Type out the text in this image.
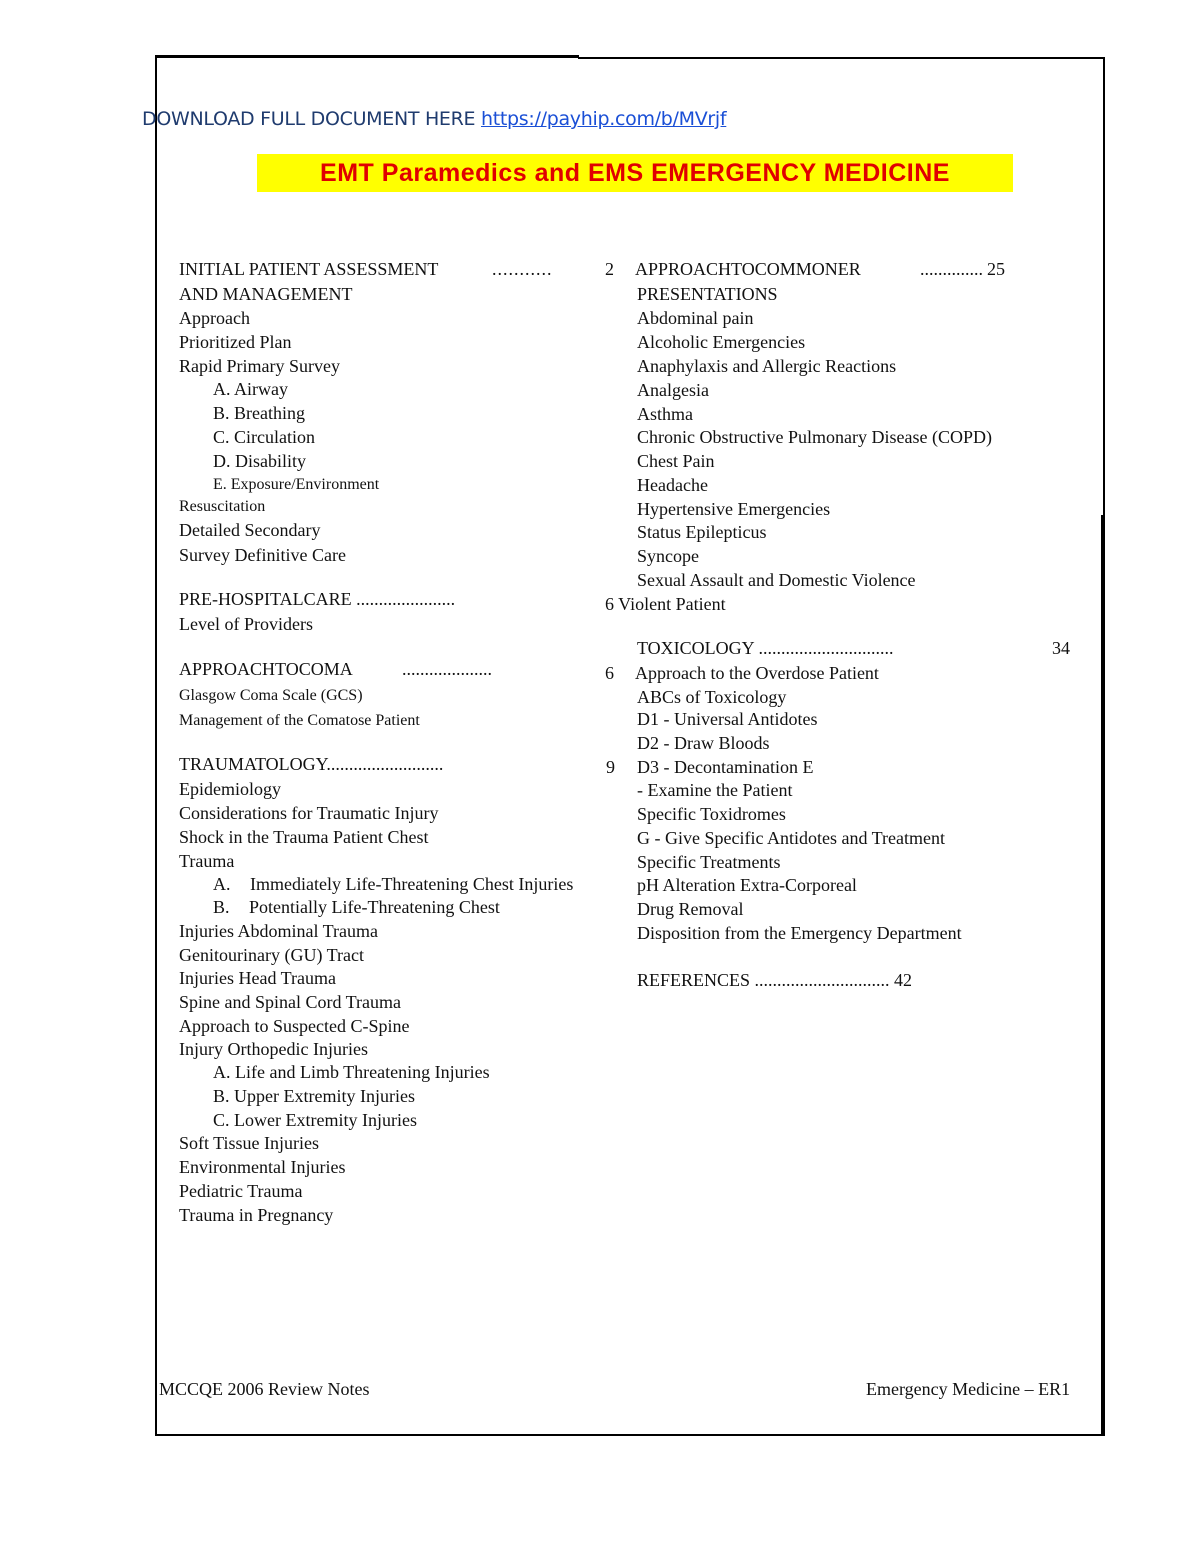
DOWNLOAD FULL DOCUMENT HERE https://payhip.com/b/MVrjf
EMT Paramedics and EMS EMERGENCY MEDICINE
INITIAL PATIENT ASSESSMENT	...........	2
AND MANAGEMENT
Approach
Prioritized Plan
Rapid Primary Survey
A. Airway
B. Breathing
C. Circulation
D. Disability
E. Exposure/Environment
Resuscitation
Detailed Secondary
Survey Definitive Care
PRE-HOSPITALCARE ......................
Level of Providers
APPROACHTOCOMA	....................
Glasgow Coma Scale (GCS)
Management of the Comatose Patient
TRAUMATOLOGY..........................	9
Epidemiology
Considerations for Traumatic Injury
Shock in the Trauma Patient Chest
Trauma
A. Immediately Life-Threatening Chest Injuries
B. Potentially Life-Threatening Chest
Injuries Abdominal Trauma
Genitourinary (GU) Tract
Injuries Head Trauma
Spine and Spinal Cord Trauma
Approach to Suspected C-Spine
Injury Orthopedic Injuries
A. Life and Limb Threatening Injuries
B. Upper Extremity Injuries
C. Lower Extremity Injuries
Soft Tissue Injuries
Environmental Injuries
Pediatric Trauma
Trauma in Pregnancy
APPROACHTOCOMMONER	.............. 25
PRESENTATIONS
Abdominal pain
Alcoholic Emergencies
Anaphylaxis and Allergic Reactions
Analgesia
Asthma
Chronic Obstructive Pulmonary Disease (COPD)
Chest Pain
Headache
Hypertensive Emergencies
Status Epilepticus
Syncope
Sexual Assault and Domestic Violence
6 Violent Patient
TOXICOLOGY ..............................	34
6 Approach to the Overdose Patient
ABCs of Toxicology
D1 - Universal Antidotes
D2 - Draw Bloods
D3 - Decontamination E
- Examine the Patient
Specific Toxidromes
G - Give Specific Antidotes and Treatment
Specific Treatments
pH Alteration Extra-Corporeal
Drug Removal
Disposition from the Emergency Department
REFERENCES .............................. 42
MCCQE 2006 Review Notes	Emergency Medicine – ER1
